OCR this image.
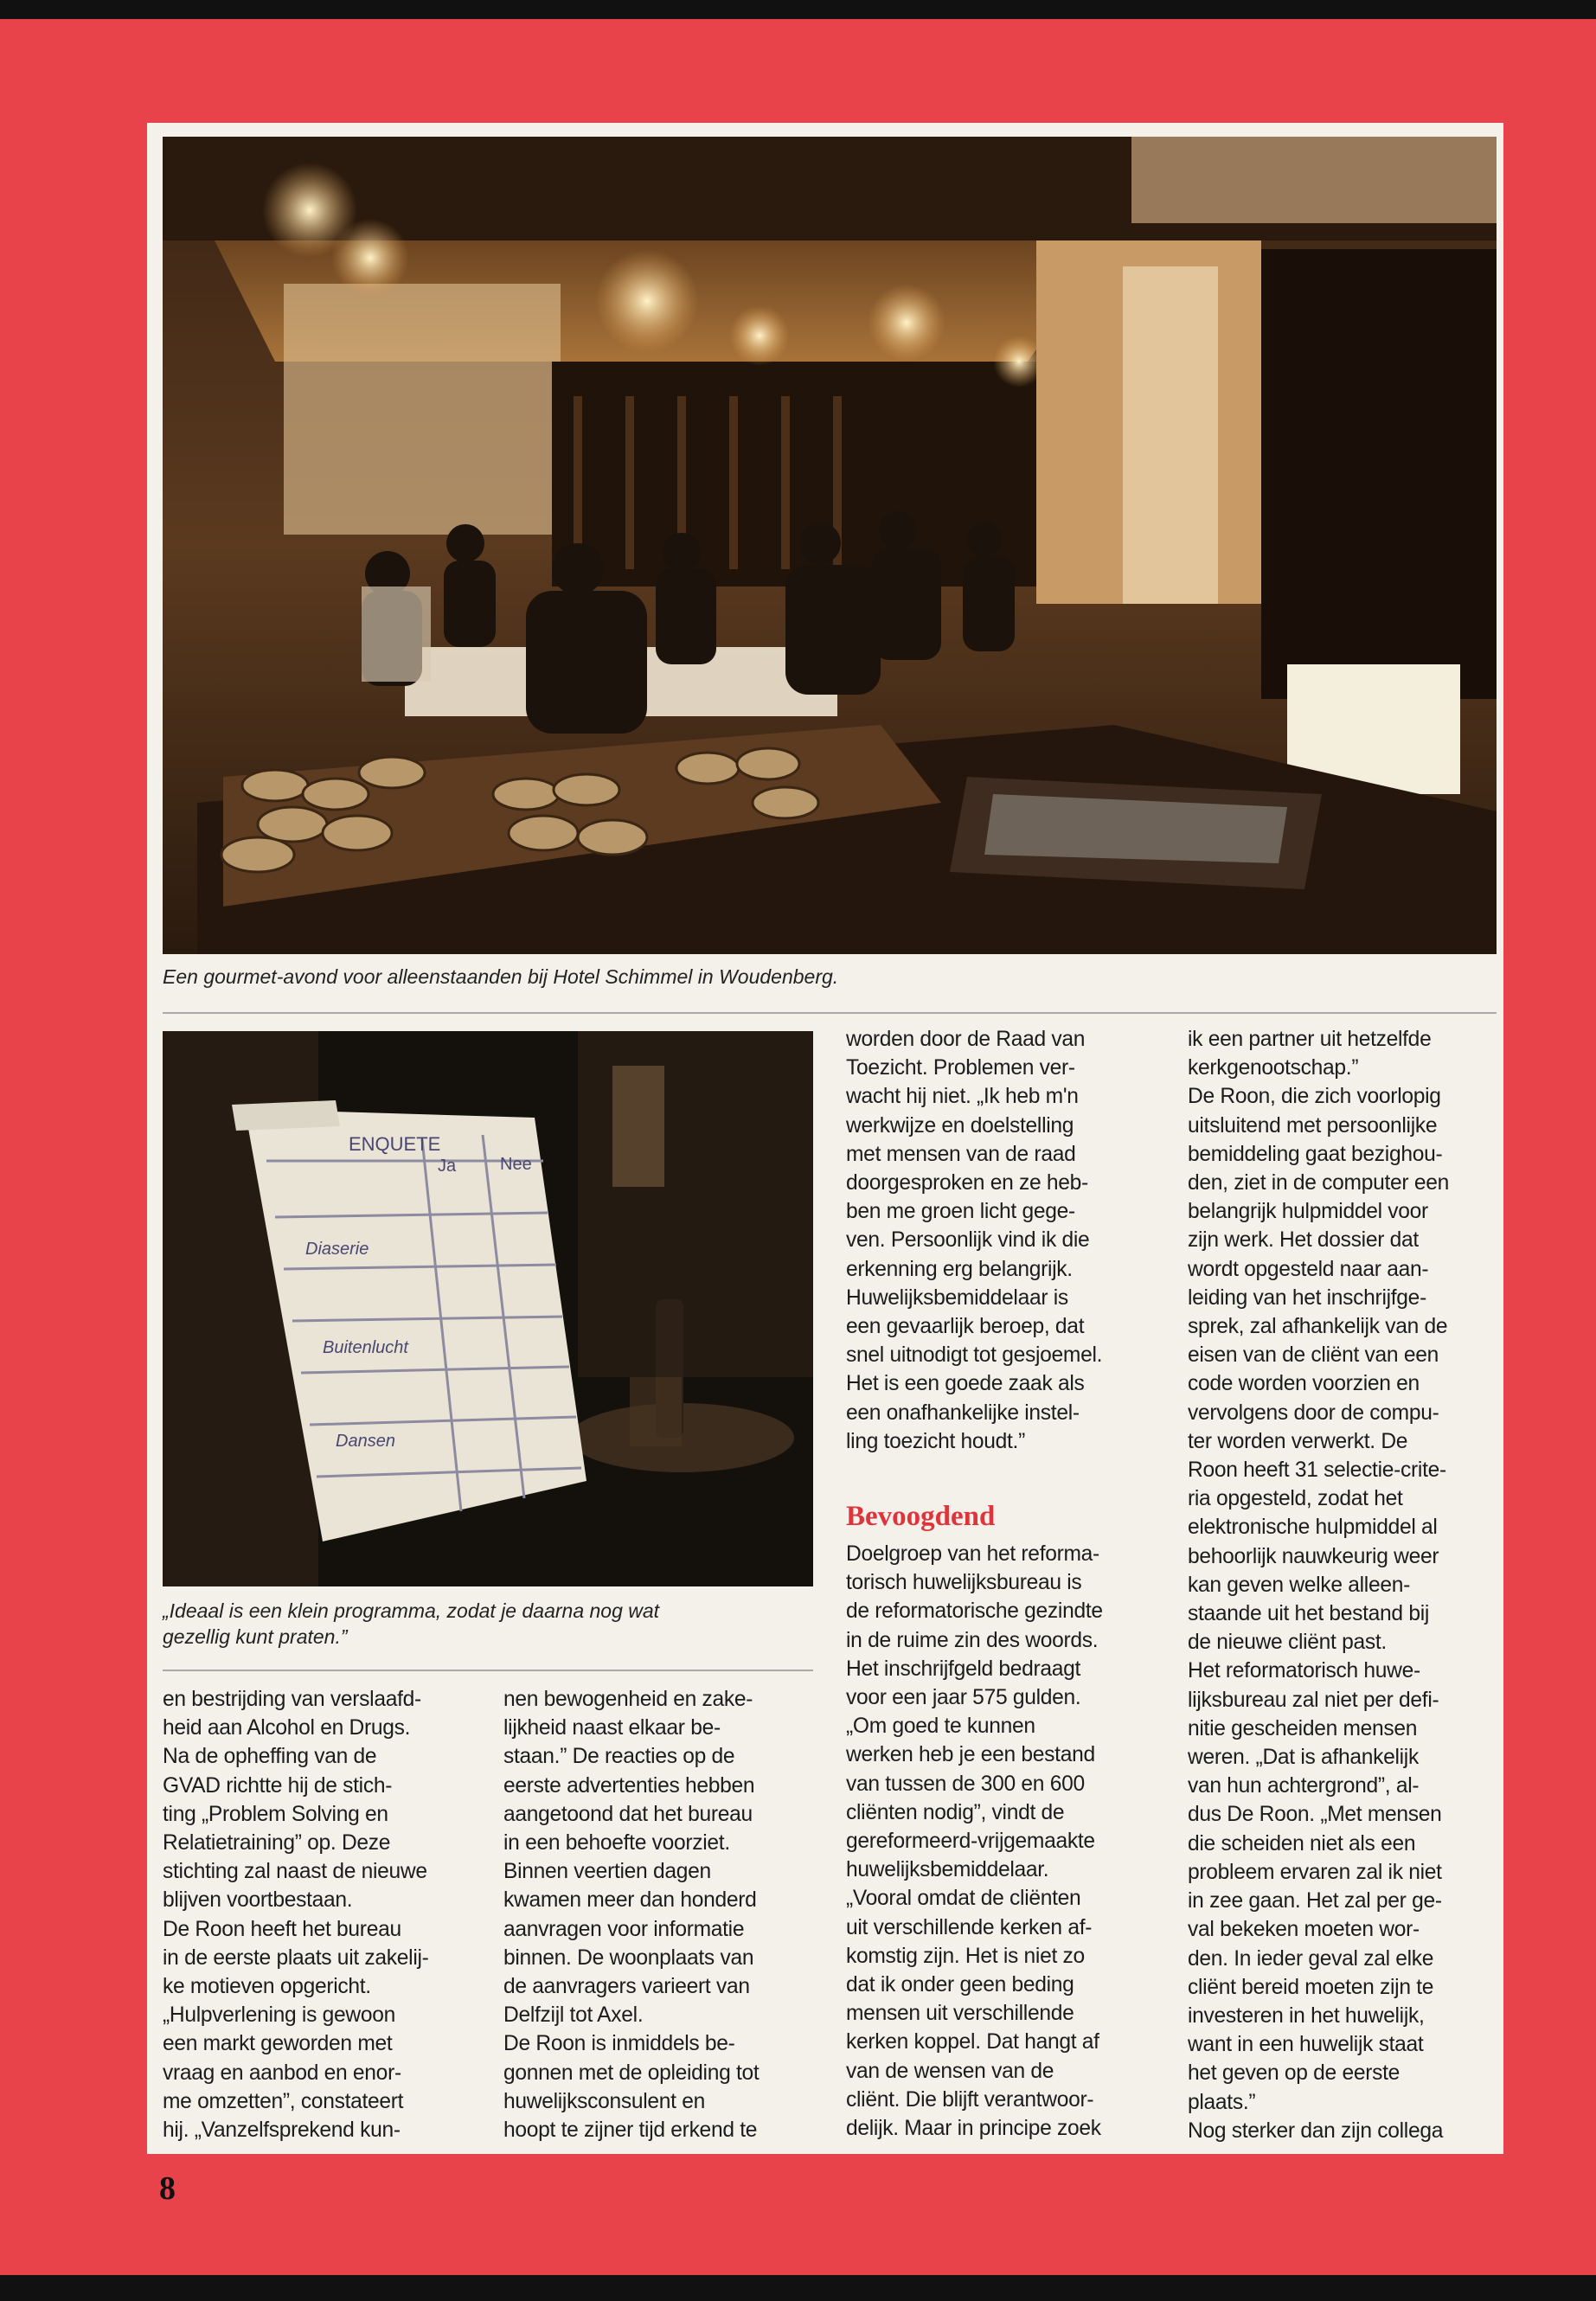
Een gourmet-avond voor alleenstaanden bij Hotel Schimmel in Woudenberg.
ENQUETE
Ja	Nee
Diaserie
Buitenlucht
Dansen
„Ideaal is een klein programma, zodat je daarna nog wat
gezellig kunt praten.”
en bestrijding van verslaafd-
heid aan Alcohol en Drugs.
Na de opheffing van de
GVAD richtte hij de stich-
ting „Problem Solving en
Relatietraining” op. Deze
stichting zal naast de nieuwe
blijven voortbestaan.
De Roon heeft het bureau
in de eerste plaats uit zakelij-
ke motieven opgericht.
„Hulpverlening is gewoon
een markt geworden met
vraag en aanbod en enor-
me omzetten”, constateert
hij. „Vanzelfsprekend kun-
nen bewogenheid en zake-
lijkheid naast elkaar be-
staan.” De reacties op de
eerste advertenties hebben
aangetoond dat het bureau
in een behoefte voorziet.
Binnen veertien dagen
kwamen meer dan honderd
aanvragen voor informatie
binnen. De woonplaats van
de aanvragers varieert van
Delfzijl tot Axel.
De Roon is inmiddels be-
gonnen met de opleiding tot
huwelijksconsulent en
hoopt te zijner tijd erkend te
worden door de Raad van
Toezicht. Problemen ver-
wacht hij niet. „Ik heb m'n
werkwijze en doelstelling
met mensen van de raad
doorgesproken en ze heb-
ben me groen licht gege-
ven. Persoonlijk vind ik die
erkenning erg belangrijk.
Huwelijksbemiddelaar is
een gevaarlijk beroep, dat
snel uitnodigt tot gesjoemel.
Het is een goede zaak als
een onafhankelijke instel-
ling toezicht houdt.”
Bevoogdend
Doelgroep van het reforma-
torisch huwelijksbureau is
de reformatorische gezindte
in de ruime zin des woords.
Het inschrijfgeld bedraagt
voor een jaar 575 gulden.
„Om goed te kunnen
werken heb je een bestand
van tussen de 300 en 600
cliënten nodig”, vindt de
gereformeerd-vrijgemaakte
huwelijksbemiddelaar.
„Vooral omdat de cliënten
uit verschillende kerken af-
komstig zijn. Het is niet zo
dat ik onder geen beding
mensen uit verschillende
kerken koppel. Dat hangt af
van de wensen van de
cliënt. Die blijft verantwoor-
delijk. Maar in principe zoek
ik een partner uit hetzelfde
kerkgenootschap.”
De Roon, die zich voorlopig
uitsluitend met persoonlijke
bemiddeling gaat bezighou-
den, ziet in de computer een
belangrijk hulpmiddel voor
zijn werk. Het dossier dat
wordt opgesteld naar aan-
leiding van het inschrijfge-
sprek, zal afhankelijk van de
eisen van de cliënt van een
code worden voorzien en
vervolgens door de compu-
ter worden verwerkt. De
Roon heeft 31 selectie-crite-
ria opgesteld, zodat het
elektronische hulpmiddel al
behoorlijk nauwkeurig weer
kan geven welke alleen-
staande uit het bestand bij
de nieuwe cliënt past.
Het reformatorisch huwe-
lijksbureau zal niet per defi-
nitie gescheiden mensen
weren. „Dat is afhankelijk
van hun achtergrond”, al-
dus De Roon. „Met mensen
die scheiden niet als een
probleem ervaren zal ik niet
in zee gaan. Het zal per ge-
val bekeken moeten wor-
den. In ieder geval zal elke
cliënt bereid moeten zijn te
investeren in het huwelijk,
want in een huwelijk staat
het geven op de eerste
plaats.”
Nog sterker dan zijn collega
8
